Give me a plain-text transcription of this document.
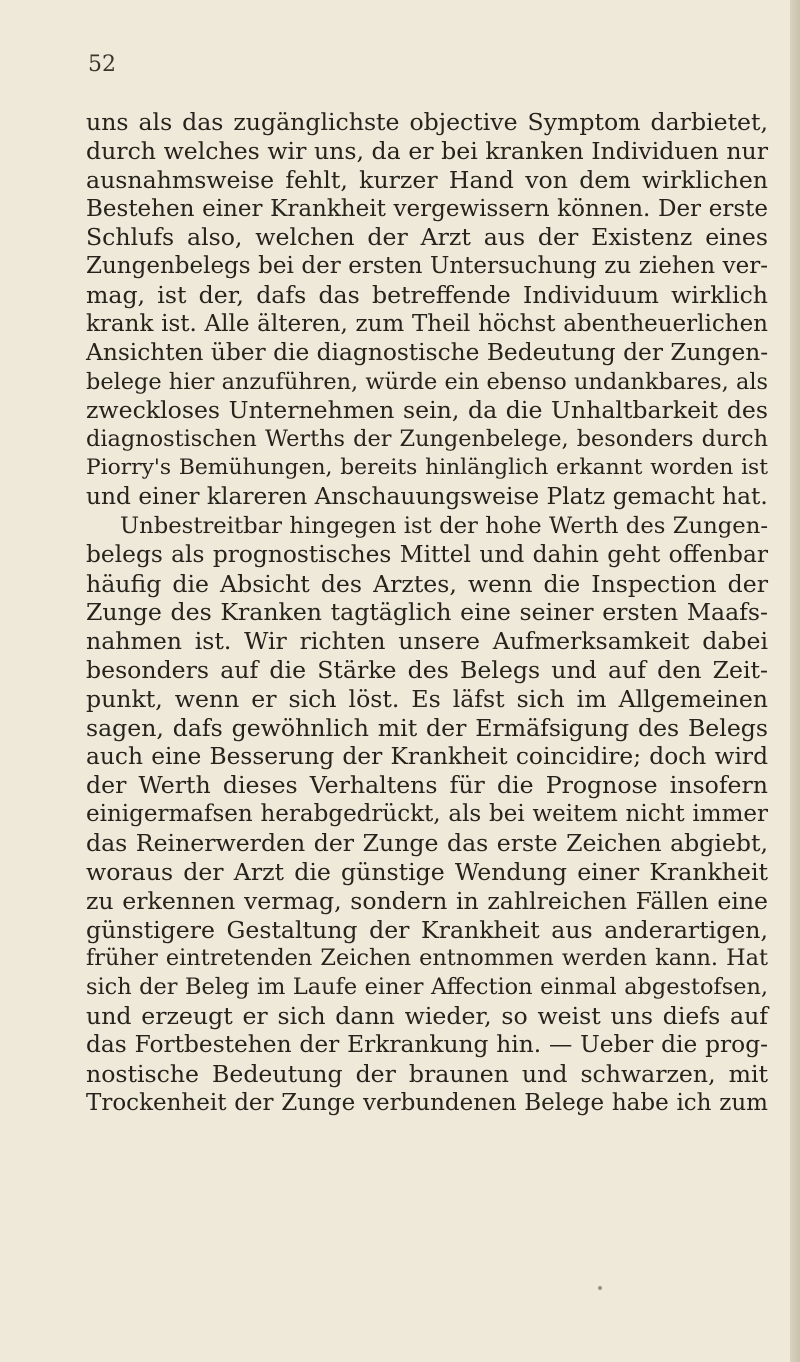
52
uns als das zugänglichste objective Symptom darbietet,
durch welches wir uns, da er bei kranken Individuen nur
ausnahmsweise fehlt, kurzer Hand von dem wirklichen
Bestehen einer Krankheit vergewissern können. Der erste
Schlufs also, welchen der Arzt aus der Existenz eines
Zungenbelegs bei der ersten Untersuchung zu ziehen ver-
mag, ist der, dafs das betreffende Individuum wirklich
krank ist. Alle älteren, zum Theil höchst abentheuerlichen
Ansichten über die diagnostische Bedeutung der Zungen-
belege hier anzuführen, würde ein ebenso undankbares, als
zweckloses Unternehmen sein, da die Unhaltbarkeit des
diagnostischen Werths der Zungenbelege, besonders durch
Piorry's Bemühungen, bereits hinlänglich erkannt worden ist
und einer klareren Anschauungsweise Platz gemacht hat.
Unbestreitbar hingegen ist der hohe Werth des Zungen-
belegs als prognostisches Mittel und dahin geht offenbar
häufig die Absicht des Arztes, wenn die Inspection der
Zunge des Kranken tagtäglich eine seiner ersten Maafs-
nahmen ist. Wir richten unsere Aufmerksamkeit dabei
besonders auf die Stärke des Belegs und auf den Zeit-
punkt, wenn er sich löst. Es läfst sich im Allgemeinen
sagen, dafs gewöhnlich mit der Ermäfsigung des Belegs
auch eine Besserung der Krankheit coincidire; doch wird
der Werth dieses Verhaltens für die Prognose insofern
einigermafsen herabgedrückt, als bei weitem nicht immer
das Reinerwerden der Zunge das erste Zeichen abgiebt,
woraus der Arzt die günstige Wendung einer Krankheit
zu erkennen vermag, sondern in zahlreichen Fällen eine
günstigere Gestaltung der Krankheit aus anderartigen,
früher eintretenden Zeichen entnommen werden kann. Hat
sich der Beleg im Laufe einer Affection einmal abgestofsen,
und erzeugt er sich dann wieder, so weist uns diefs auf
das Fortbestehen der Erkrankung hin. — Ueber die prog-
nostische Bedeutung der braunen und schwarzen, mit
Trockenheit der Zunge verbundenen Belege habe ich zum
